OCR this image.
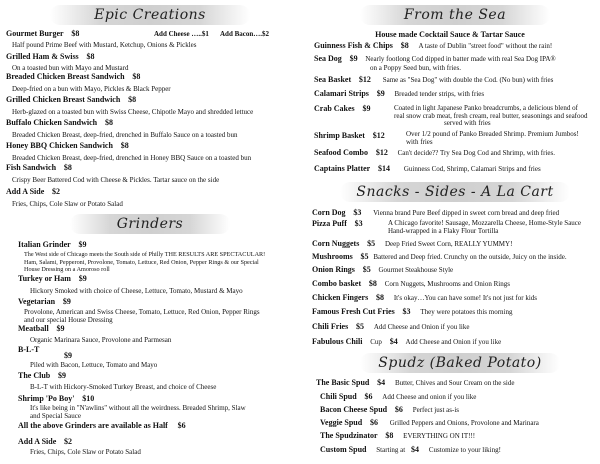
Epic Creations
Gourmet Burger $8	Add Cheese …..$1 Add Bacon….$2
Half pound Prime Beef with Mustard, Ketchup, Onions & Pickles
Grilled Ham & Swiss $8
On a toasted bun with Mayo and Mustard
Breaded Chicken Breast Sandwich $8
Deep-fried on a bun with Mayo, Pickles & Black Pepper
Grilled Chicken Breast Sandwich $8
Herb-glazed on a toasted bun with Swiss Cheese, Chipotle Mayo and shredded lettuce
Buffalo Chicken Sandwich $8
Breaded Chicken Breast, deep-fried, drenched in Buffalo Sauce on a toasted bun
Honey BBQ Chicken Sandwich $8
Breaded Chicken Breast, deep-fried, drenched in Honey BBQ Sauce on a toasted bun
Fish Sandwich $8
Crispy Beer Battered Cod with Cheese & Pickles. Tartar sauce on the side
Add A Side $2
Fries, Chips, Cole Slaw or Potato Salad
Grinders
Italian Grinder $9
The West side of Chicago meets the South side of Philly THE RESULTS ARE SPECTACULAR!
Ham, Salami, Pepperoni, Provolone, Tomato, Lettuce, Red Onion, Pepper Rings & our Special
House Dressing on a Amoroso roll
Turkey or Ham $9
Hickory Smoked with choice of Cheese, Lettuce, Tomato, Mustard & Mayo
Vegetarian $9
Provolone, American and Swiss Cheese, Tomato, Lettuce, Red Onion, Pepper Rings
and our special House Dressing
Meatball $9
Organic Marinara Sauce, Provolone and Parmesan
B-L-T
$9
Piled with Bacon, Lettuce, Tomato and Mayo
The Club $9
B-L-T with Hickory-Smoked Turkey Breast, and choice of Cheese
Shrimp 'Po Boy' $10
It's like being in "N'awlins" without all the weirdness. Breaded Shrimp, Slaw
and Special Sauce
All the above Grinders are available as Half $6
Add A Side $2
Fries, Chips, Cole Slaw or Potato Salad
From the Sea
House made Cocktail Sauce & Tartar Sauce
Guinness Fish & Chips $8 A taste of Dublin "street food" without the rain!
Sea Dog $9 Nearly footlong Cod dipped in batter made with real Sea Dog IPA®
on a Poppy Seed bun, with fries.
Sea Basket $12 Same as "Sea Dog" with double the Cod. (No bun) with fries
Calamari Strips $9 Breaded tender strips, with fries
Crab Cakes $9	Coated in light Japanese Panko breadcrumbs, a delicious blend of
real snow crab meat, fresh cream, real butter, seasonings and seafood
served with fries
Shrimp Basket $12	Over 1/2 pound of Panko Breaded Shrimp. Premium Jumbos!
with fries
Seafood Combo $12 Can't decide?? Try Sea Dog Cod and Shrimp, with fries.
Captains Platter $14 Guinness Cod, Shrimp, Calamari Strips and fries
Snacks - Sides - A La Cart
Corn Dog $3 Vienna brand Pure Beef dipped in sweet corn bread and deep fried
Pizza Puff $3	A Chicago favorite! Sausage, Mozzarella Cheese, Home-Style Sauce
Hand-wrapped in a Flaky Flour Tortilla
Corn Nuggets $5 Deep Fried Sweet Corn, REALLY YUMMY!
Mushrooms $5 Battered and Deep fried. Crunchy on the outside, Juicy on the inside.
Onion Rings $5 Gourmet Steakhouse Style
Combo basket $8 Corn Nuggets, Mushrooms and Onion Rings
Chicken Fingers $8 It's okay…You can have some! It's not just for kids
Famous Fresh Cut Fries $3 They were potatoes this morning
Chili Fries $5 Add Cheese and Onion if you like
Fabulous Chili Cup $4 Add Cheese and Onion if you like
Spudz (Baked Potato)
The Basic Spud $4 Butter, Chives and Sour Cream on the side
Chili Spud $6 Add Cheese and onion if you like
Bacon Cheese Spud $6 Perfect just as-is
Veggie Spud $6 Grilled Peppers and Onions, Provolone and Marinara
The Spudzinator $8 EVERYTHING ON IT!!!
Custom Spud Starting at $4 Customize to your liking!
